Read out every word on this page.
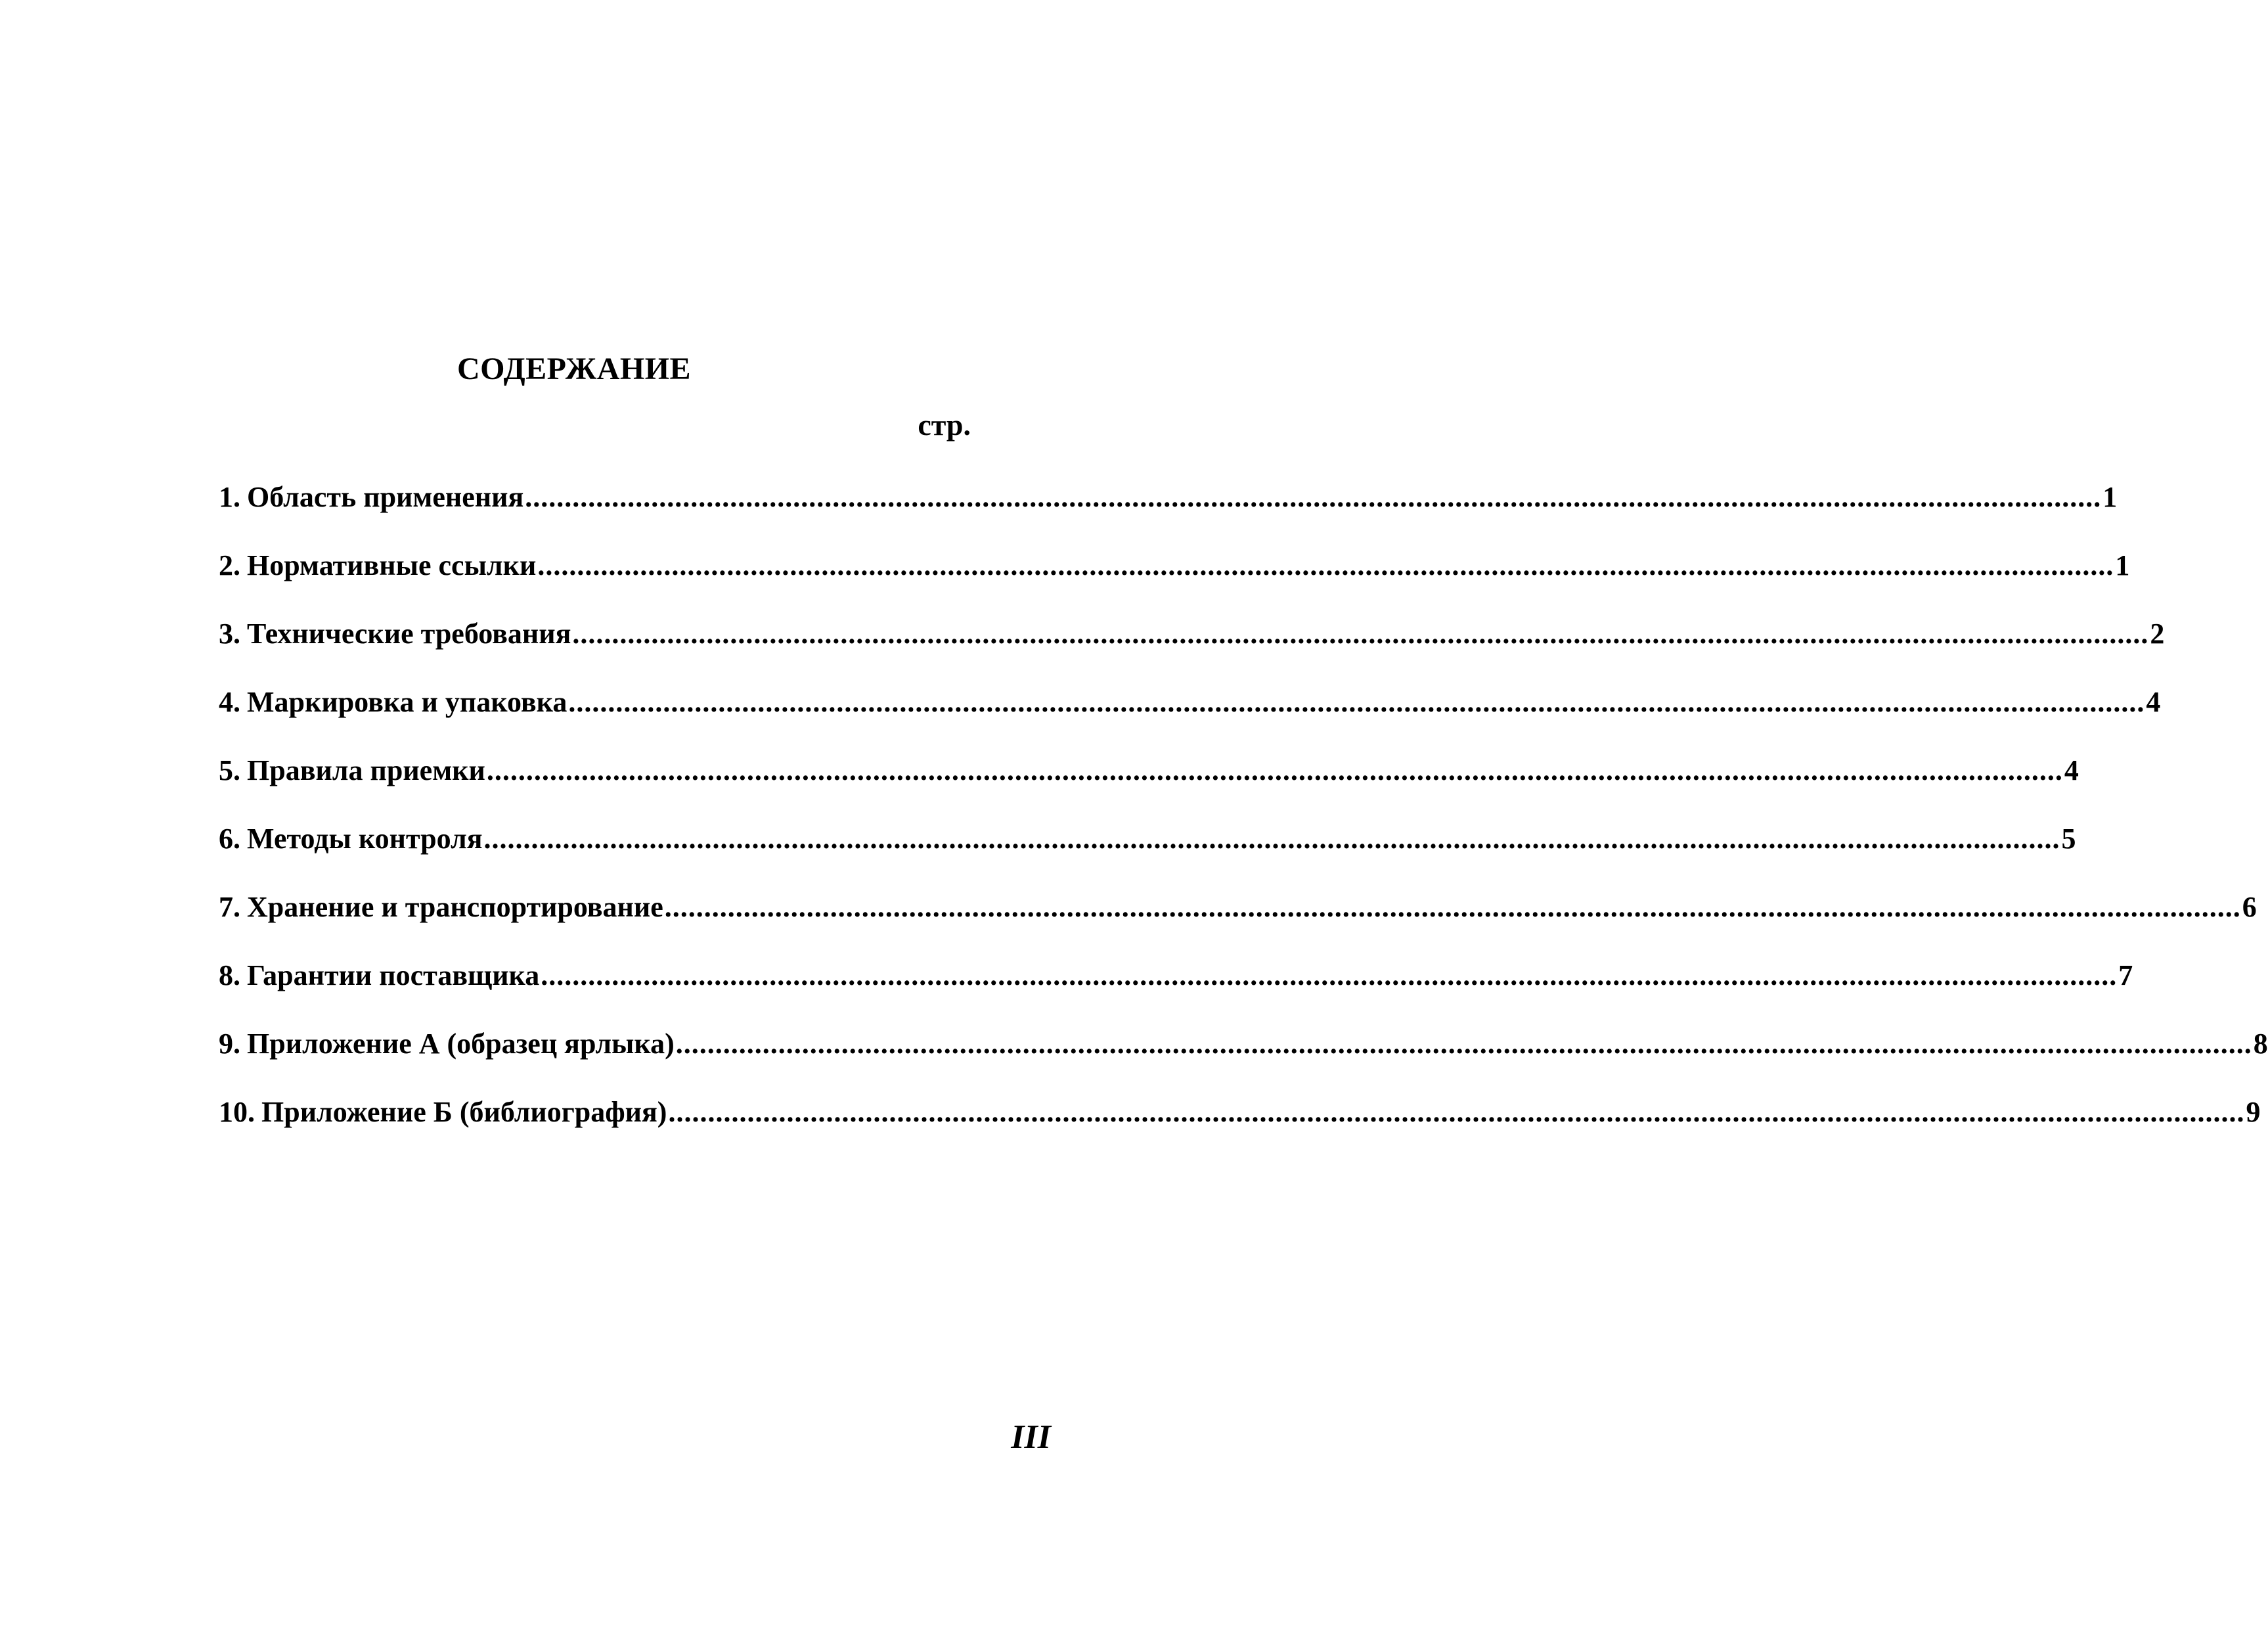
СОДЕРЖАНИЕ
стр.
1. Область применения ........................................................................................................................................................................................................ 1
2. Нормативные ссылки ........................................................................................................................................................................................................ 1
3. Технические требования ........................................................................................................................................................................................................ 2
4. Маркировка и упаковка ........................................................................................................................................................................................................ 4
5. Правила приемки ........................................................................................................................................................................................................ 4
6. Методы контроля ........................................................................................................................................................................................................ 5
7. Хранение и транспортирование ........................................................................................................................................................................................................ 6
8. Гарантии поставщика ........................................................................................................................................................................................................ 7
9. Приложение А (образец ярлыка) ........................................................................................................................................................................................................ 8
10. Приложение Б (библиография) ........................................................................................................................................................................................................ 9
III
